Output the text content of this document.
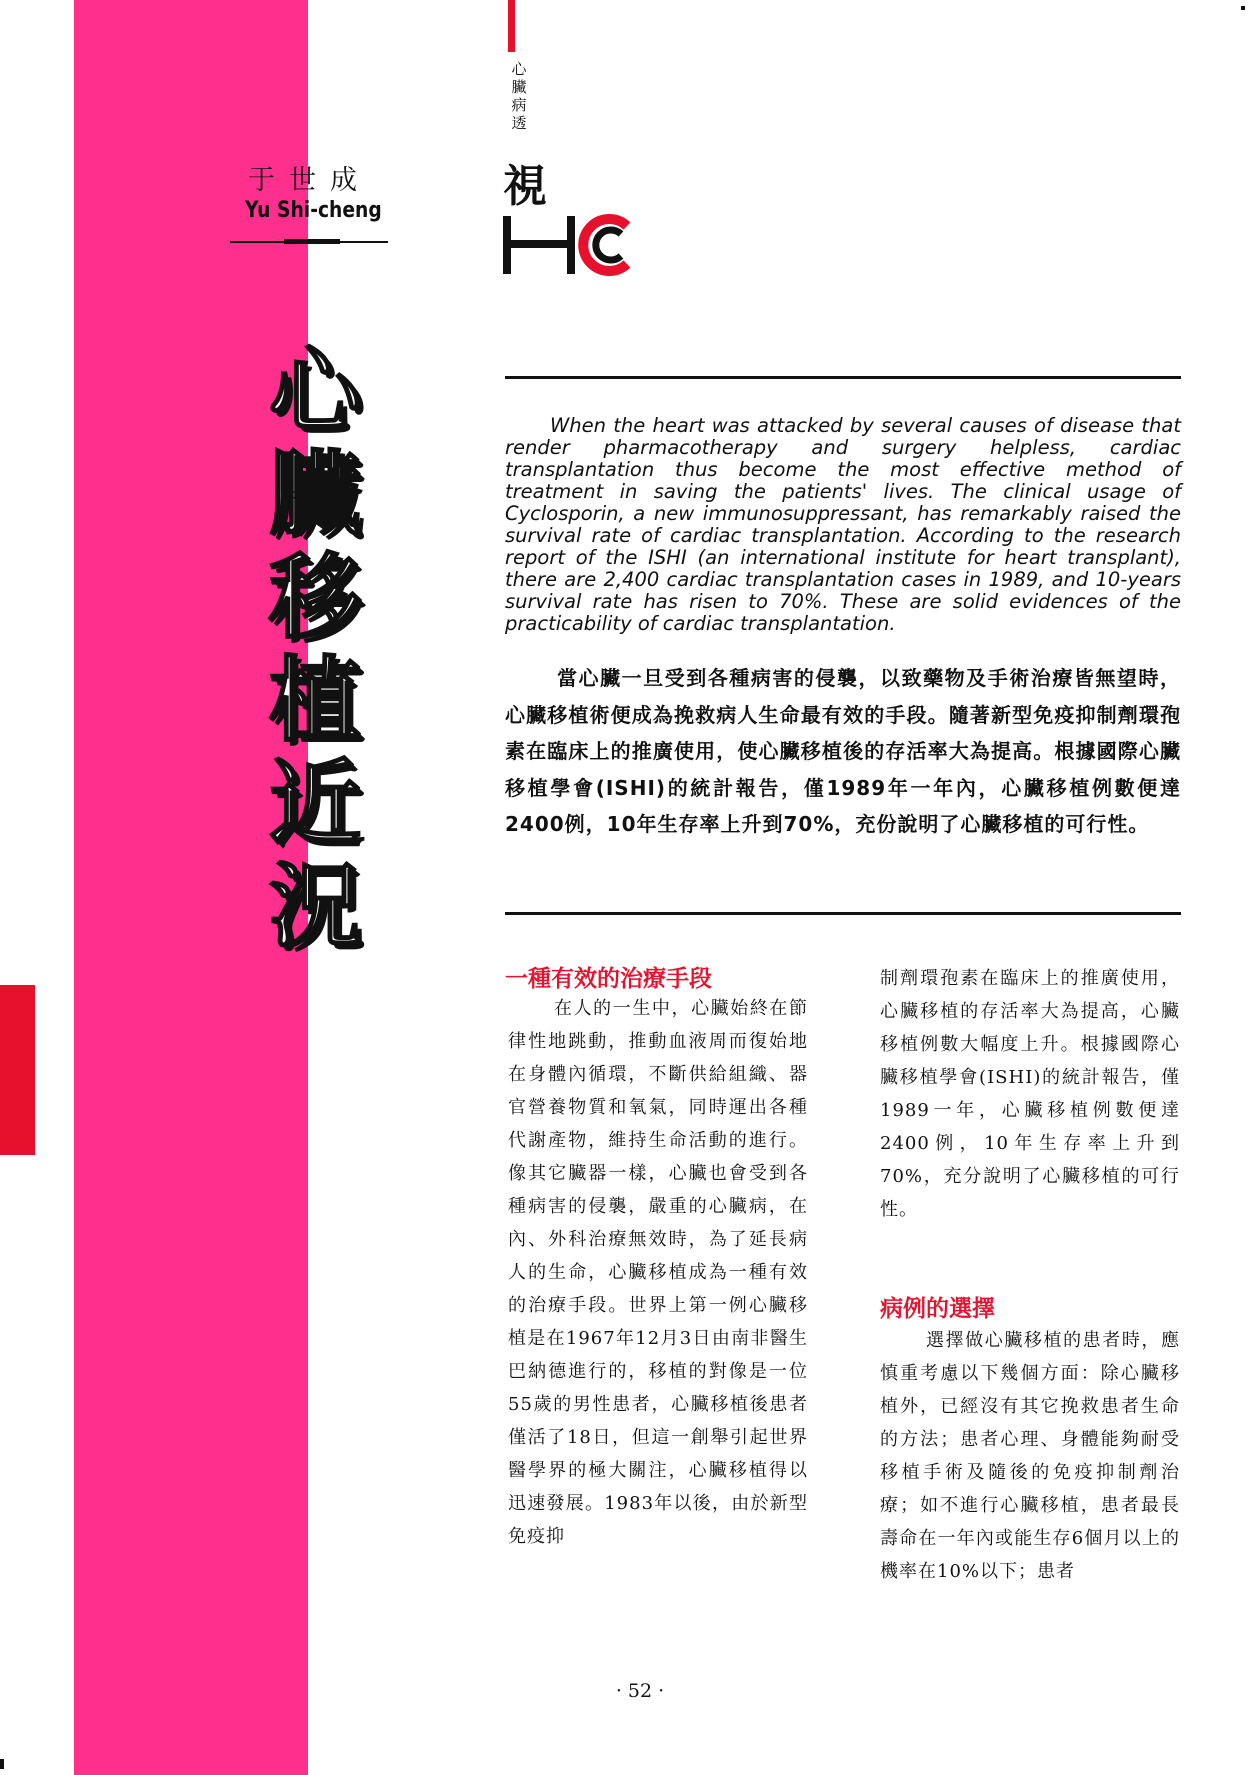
于世成
Yu Shi-cheng
心
臟
移
植
近
況
心
臟
病
透
視
When the heart was attacked by several causes of disease that render pharmacotherapy and surgery helpless, cardiac transplantation thus become the most effective method of treatment in saving the patients' lives. The clinical usage of Cyclosporin, a new immunosuppressant, has remarkably raised the survival rate of cardiac transplantation. According to the research report of the ISHI (an international institute for heart transplant), there are 2,400 cardiac transplantation cases in 1989, and 10-years survival rate has risen to 70%. These are solid evidences of the practicability of cardiac transplantation.
當心臟一旦受到各種病害的侵襲，以致藥物及手術治療皆無望時，心臟移植術便成為挽救病人生命最有效的手段。隨著新型免疫抑制劑環孢素在臨床上的推廣使用，使心臟移植後的存活率大為提高。根據國際心臟移植學會(ISHI)的統計報告，僅1989年一年內，心臟移植例數便達2400例，10年生存率上升到70%，充份說明了心臟移植的可行性。
一種有效的治療手段
在人的一生中，心臟始終在節律性地跳動，推動血液周而復始地在身體內循環，不斷供給組織、器官營養物質和氧氣，同時運出各種代謝產物，維持生命活動的進行。像其它臟器一樣，心臟也會受到各種病害的侵襲，嚴重的心臟病，在內、外科治療無效時，為了延長病人的生命，心臟移植成為一種有效的治療手段。世界上第一例心臟移植是在1967年12月3日由南非醫生巴納德進行的，移植的對像是一位55歲的男性患者，心臟移植後患者僅活了18日，但這一創舉引起世界醫學界的極大關注，心臟移植得以迅速發展。1983年以後，由於新型免疫抑
制劑環孢素在臨床上的推廣使用，心臟移植的存活率大為提高，心臟移植例數大幅度上升。根據國際心臟移植學會(ISHI)的統計報告，僅1989一年，心臟移植例數便達2400例，10年生存率上升到70%，充分說明了心臟移植的可行性。
病例的選擇
選擇做心臟移植的患者時，應慎重考慮以下幾個方面：除心臟移植外，已經沒有其它挽救患者生命的方法；患者心理、身體能夠耐受移植手術及隨後的免疫抑制劑治療；如不進行心臟移植，患者最長壽命在一年內或能生存6個月以上的機率在10%以下；患者
· 52 ·
